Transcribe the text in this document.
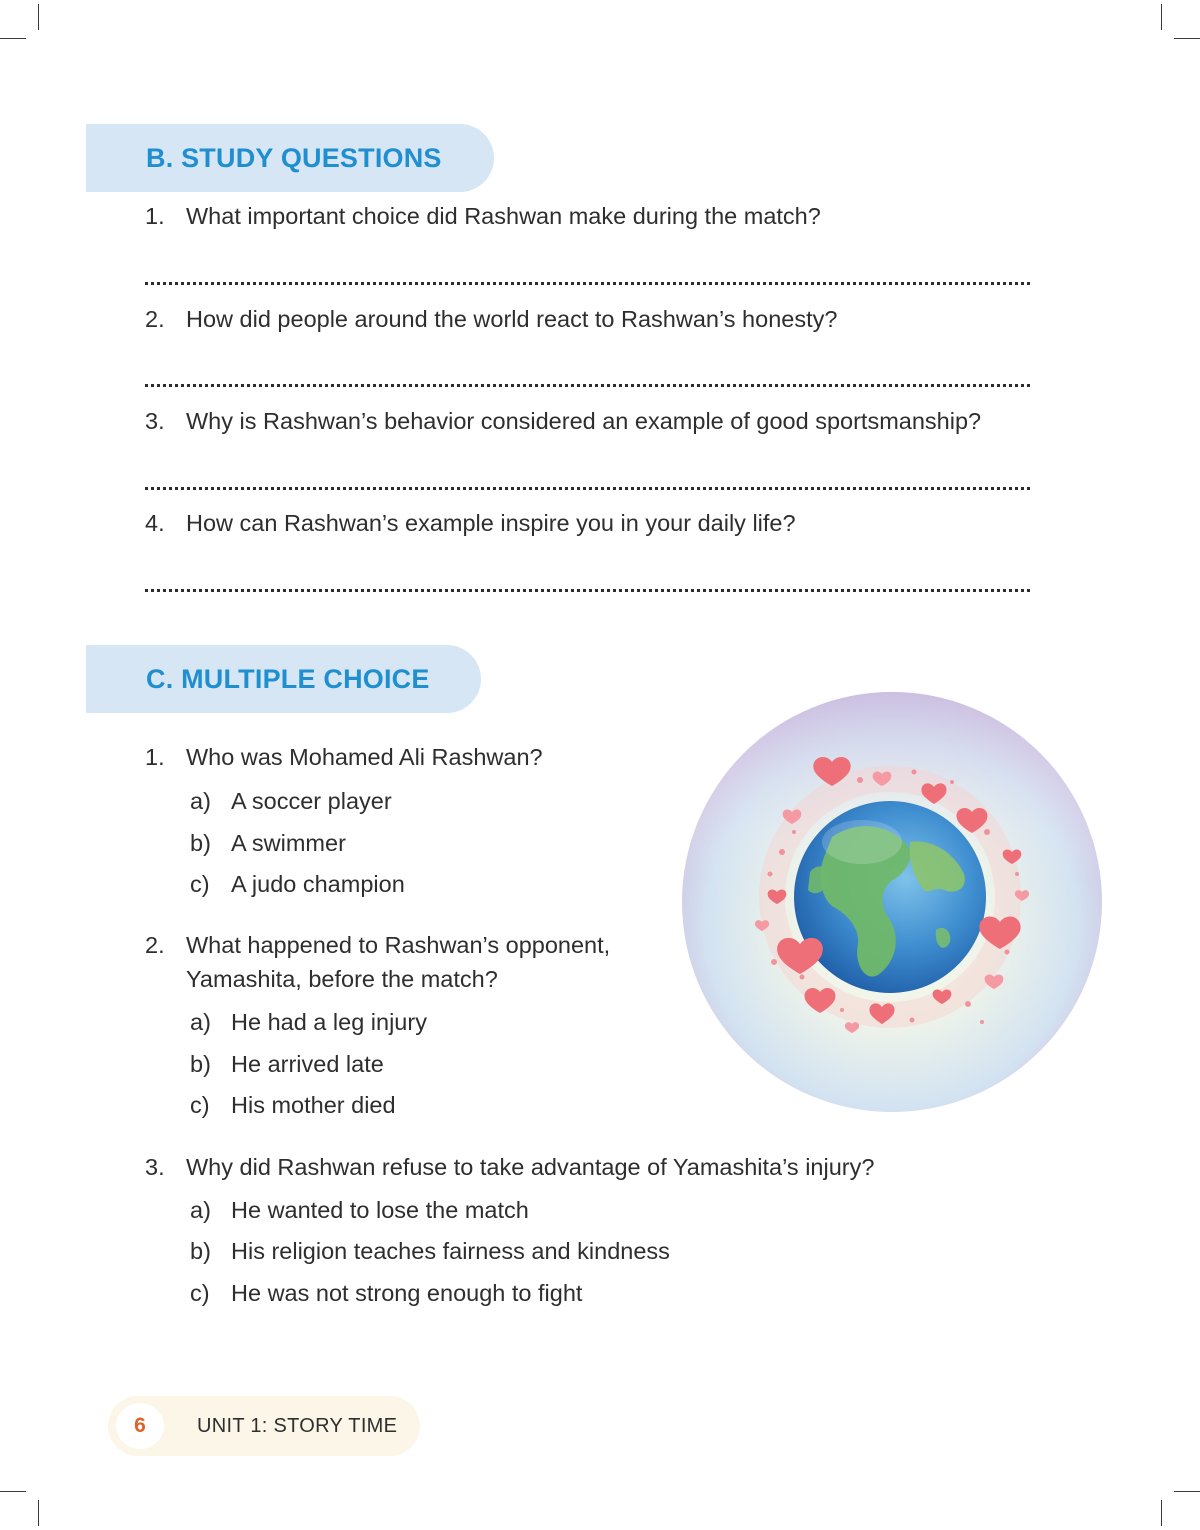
B. STUDY QUESTIONS
1. What important choice did Rashwan make during the match?
2. How did people around the world react to Rashwan’s honesty?
3. Why is Rashwan’s behavior considered an example of good sportsmanship?
4. How can Rashwan’s example inspire you in your daily life?
C. MULTIPLE CHOICE
1. Who was Mohamed Ali Rashwan?
a) A soccer player
b) A swimmer
c) A judo champion
2. What happened to Rashwan’s opponent,
Yamashita, before the match?
a) He had a leg injury
b) He arrived late
c) His mother died
3. Why did Rashwan refuse to take advantage of Yamashita’s injury?
a) He wanted to lose the match
b) His religion teaches fairness and kindness
c) He was not strong enough to fight
6	UNIT 1: STORY TIME
